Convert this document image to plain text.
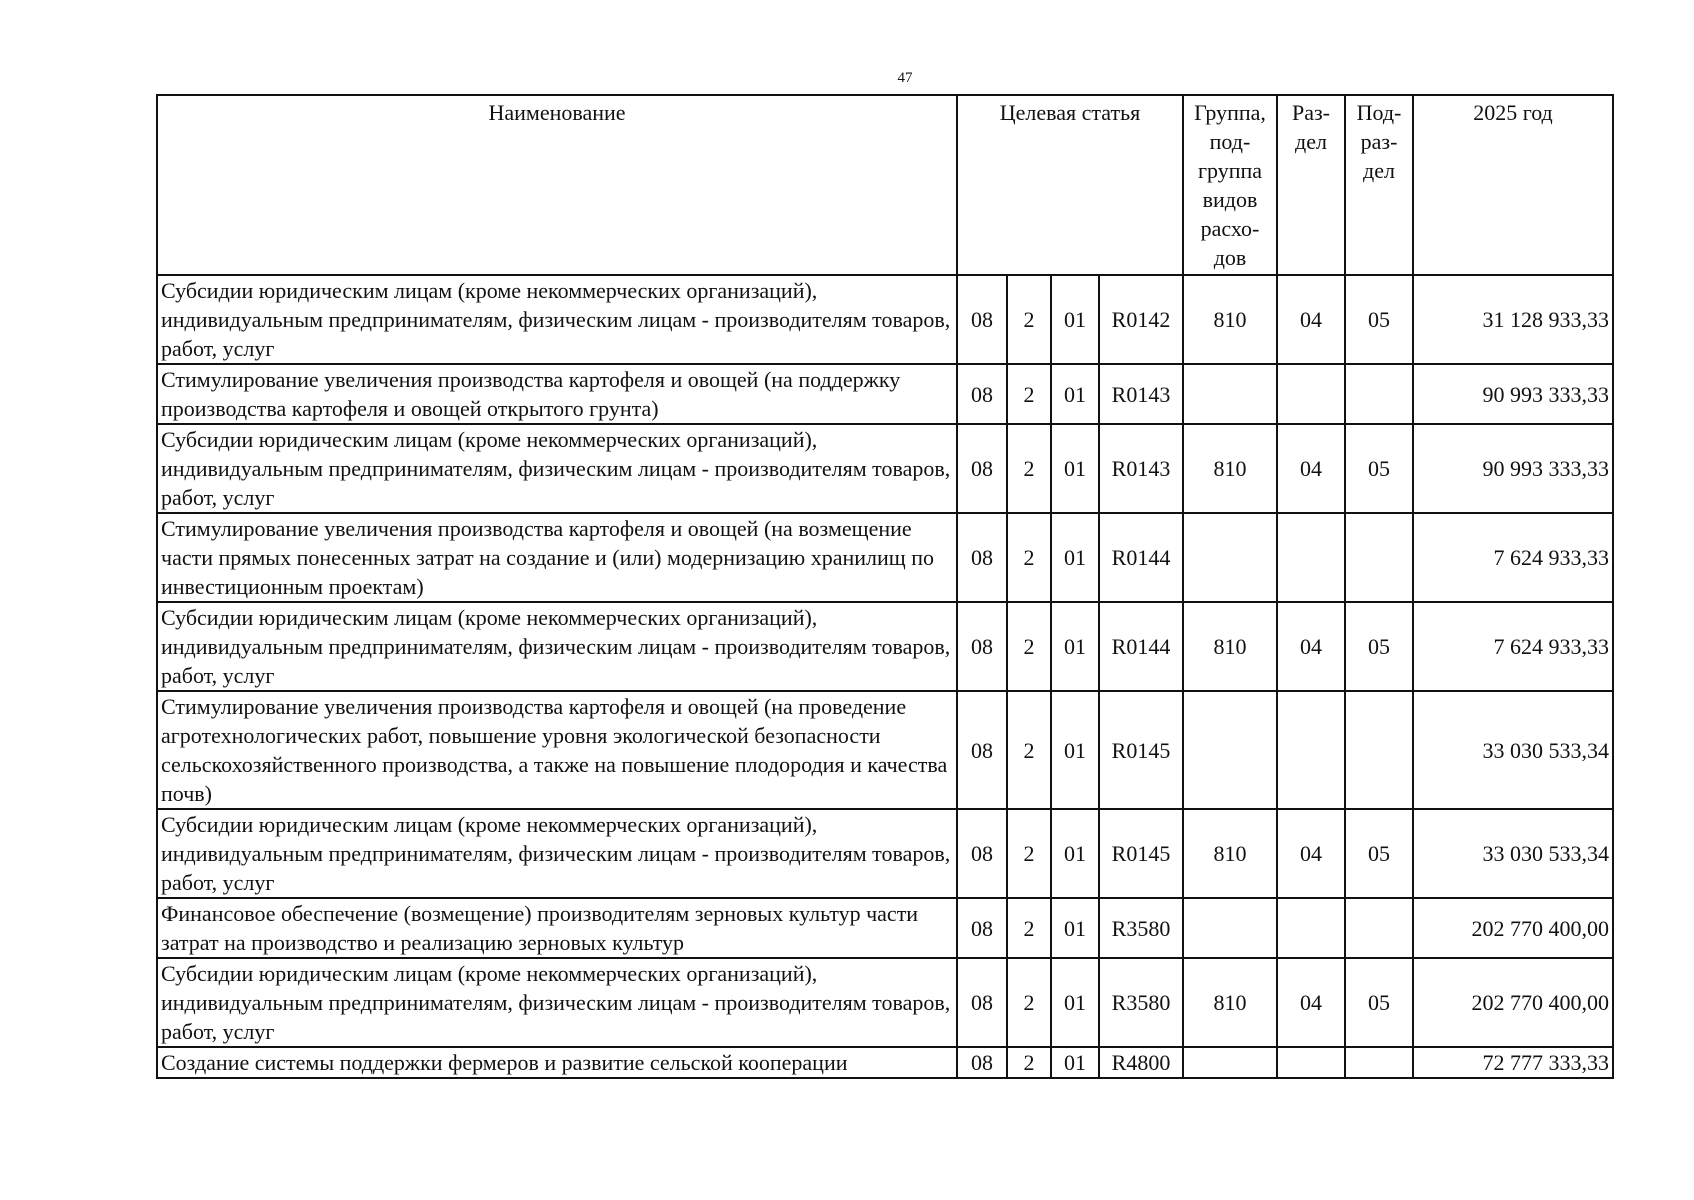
47
Наименование	Целевая статья				Группа, под- группа видов расхо- дов	Раз- дел	Под- раз- дел	2025 год
Субсидии юридическим лицам (кроме некоммерческих организаций), индивидуальным предпринимателям, физическим лицам - производителям товаров, работ, услуг	08	2	01	R0142	810	04	05	31 128 933,33
Стимулирование увеличения производства картофеля и овощей (на поддержку производства картофеля и овощей открытого грунта)	08	2	01	R0143				90 993 333,33
Субсидии юридическим лицам (кроме некоммерческих организаций), индивидуальным предпринимателям, физическим лицам - производителям товаров, работ, услуг	08	2	01	R0143	810	04	05	90 993 333,33
Стимулирование увеличения производства картофеля и овощей (на возмещение части прямых понесенных затрат на создание и (или) модернизацию хранилищ по инвестиционным проектам)	08	2	01	R0144				7 624 933,33
Субсидии юридическим лицам (кроме некоммерческих организаций), индивидуальным предпринимателям, физическим лицам - производителям товаров, работ, услуг	08	2	01	R0144	810	04	05	7 624 933,33
Стимулирование увеличения производства картофеля и овощей (на проведение агротехнологических работ, повышение уровня экологической безопасности сельскохозяйственного производства, а также на повышение плодородия и качества почв)	08	2	01	R0145				33 030 533,34
Субсидии юридическим лицам (кроме некоммерческих организаций), индивидуальным предпринимателям, физическим лицам - производителям товаров, работ, услуг	08	2	01	R0145	810	04	05	33 030 533,34
Финансовое обеспечение (возмещение) производителям зерновых культур части затрат на производство и реализацию зерновых культур	08	2	01	R3580				202 770 400,00
Субсидии юридическим лицам (кроме некоммерческих организаций), индивидуальным предпринимателям, физическим лицам - производителям товаров, работ, услуг	08	2	01	R3580	810	04	05	202 770 400,00
Создание системы поддержки фермеров и развитие сельской кооперации	08	2	01	R4800				72 777 333,33
